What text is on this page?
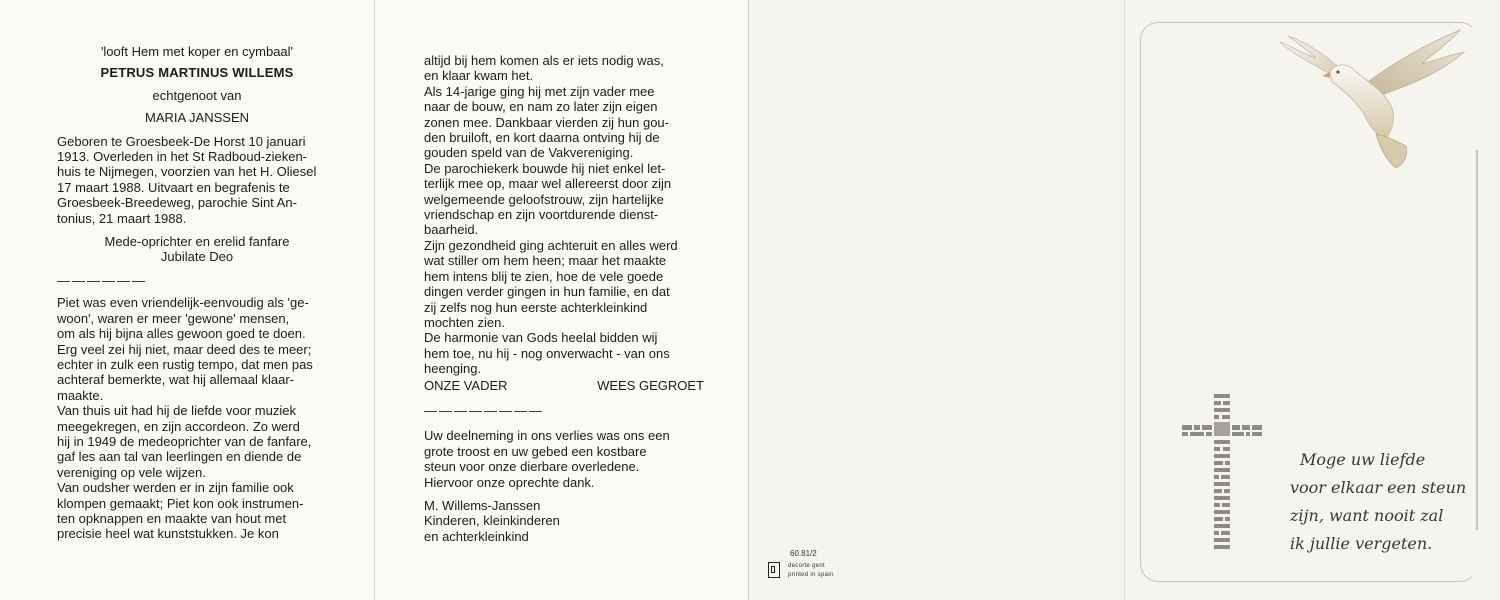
'looft Hem met koper en cymbaal'

PETRUS MARTINUS WILLEMS

echtgenoot van

MARIA JANSSEN

Geboren te Groesbeek-De Horst 10 januari

1913. Overleden in het St Radboud-zieken-

huis te Nijmegen, voorzien van het H. Oliesel

17 maart 1988. Uitvaart en begrafenis te

Groesbeek-Breedeweg, parochie Sint An-

tonius, 21 maart 1988.

Mede-oprichter en erelid fanfare

Jubilate Deo

——————

Piet was even vriendelijk-eenvoudig als 'ge-

woon', waren er meer 'gewone' mensen,

om als hij bijna alles gewoon goed te doen.

Erg veel zei hij niet, maar deed des te meer;

echter in zulk een rustig tempo, dat men pas

achteraf bemerkte, wat hij allemaal klaar-

maakte.

Van thuis uit had hij de liefde voor muziek

meegekregen, en zijn accordeon. Zo werd

hij in 1949 de medeoprichter van de fanfare,

gaf les aan tal van leerlingen en diende de

vereniging op vele wijzen.

Van oudsher werden er in zijn familie ook

klompen gemaakt; Piet kon ook instrumen-

ten opknappen en maakte van hout met

precisie heel wat kunststukken. Je kon

altijd bij hem komen als er iets nodig was,

en klaar kwam het.

Als 14-jarige ging hij met zijn vader mee

naar de bouw, en nam zo later zijn eigen

zonen mee. Dankbaar vierden zij hun gou-

den bruiloft, en kort daarna ontving hij de

gouden speld van de Vakvereniging.

De parochiekerk bouwde hij niet enkel let-

terlijk mee op, maar wel allereerst door zijn

welgemeende geloofstrouw, zijn hartelijke

vriendschap en zijn voortdurende dienst-

baarheid.

Zijn gezondheid ging achteruit en alles werd

wat stiller om hem heen; maar het maakte

hem intens blij te zien, hoe de vele goede

dingen verder gingen in hun familie, en dat

zij zelfs nog hun eerste achterkleinkind

mochten zien.

De harmonie van Gods heelal bidden wij

hem toe, nu hij - nog onverwacht - van ons

heenging.

ONZE VADER	WEES GEGROET

————————

Uw deelneming in ons verlies was ons een

grote troost en uw gebed een kostbare

steun voor onze dierbare overledene.

Hiervoor onze oprechte dank.

M. Willems-Janssen

Kinderen, kleinkinderen

en achterkleinkind

60.81/2
decorte gent
printed in spain
Moge uw liefde
voor elkaar een steun
zijn, want nooit zal
ik jullie vergeten.
